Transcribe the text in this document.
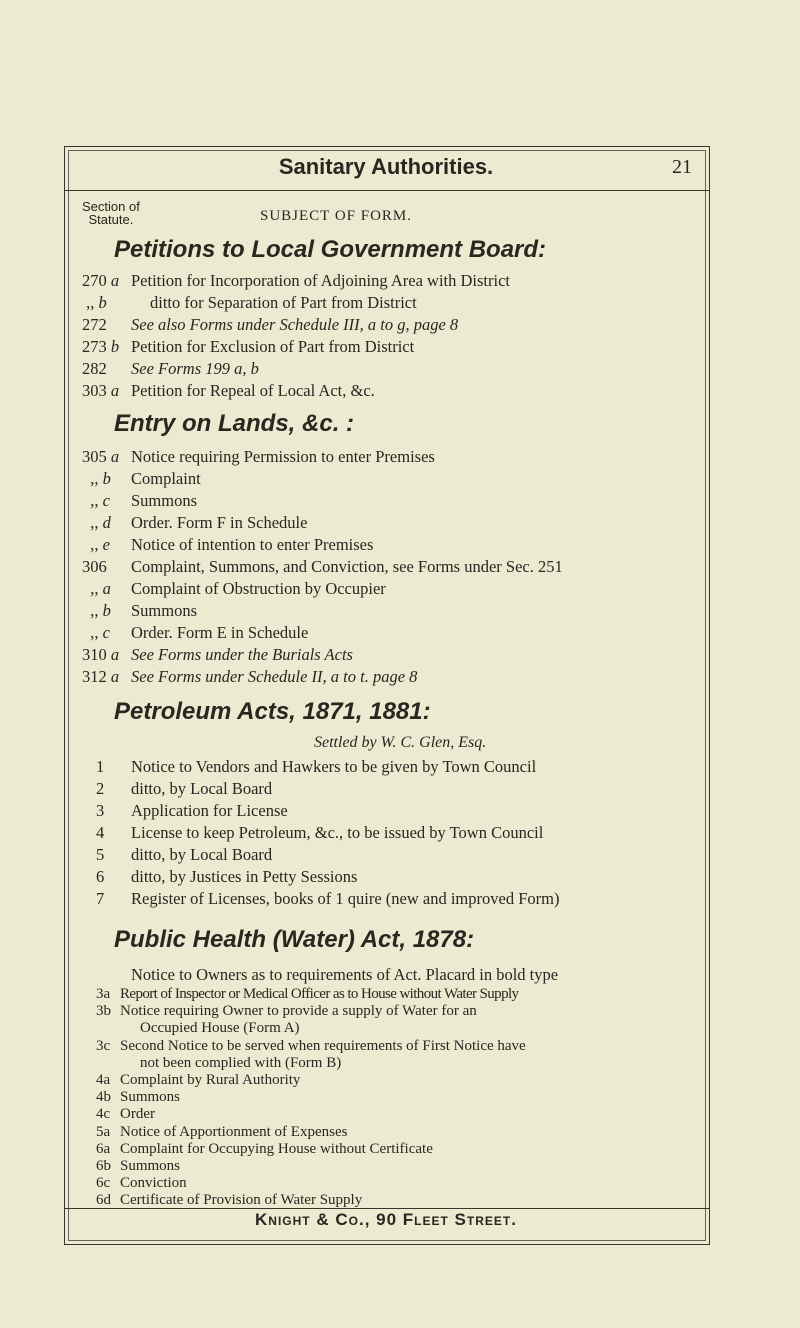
Sanitary Authorities.	21
Section of
Statute.	SUBJECT OF FORM.
Petitions to Local Government Board:
270 a Petition for Incorporation of Adjoining Area with District
,, b	ditto for Separation of Part from District
272	See also Forms under Schedule III, a to g, page 8
273 b Petition for Exclusion of Part from District
282	See Forms 199 a, b
303 a Petition for Repeal of Local Act, &c.
Entry on Lands, &c. :
305 a Notice requiring Permission to enter Premises
,, b	Complaint
,, c	Summons
,, d	Order. Form F in Schedule
,, e	Notice of intention to enter Premises
306	Complaint, Summons, and Conviction, see Forms under Sec. 251
,, a	Complaint of Obstruction by Occupier
,, b	Summons
,, c	Order. Form E in Schedule
310 a See Forms under the Burials Acts
312 a See Forms under Schedule II, a to t. page 8
Petroleum Acts, 1871, 1881:
Settled by W. C. Glen, Esq.
1	Notice to Vendors and Hawkers to be given by Town Council
2	ditto, by Local Board
3	Application for License
4	License to keep Petroleum, &c., to be issued by Town Council
5	ditto, by Local Board
6	ditto, by Justices in Petty Sessions
7	Register of Licenses, books of 1 quire (new and improved Form)
Public Health (Water) Act, 1878:
Notice to Owners as to requirements of Act. Placard in bold type
Knight & Co., 90 Fleet Street.
3a Report of Inspector or Medical Officer as to House without Water Supply
3b Notice requiring Owner to provide a supply of Water for an
Occupied House (Form A)
3c Second Notice to be served when requirements of First Notice have
not been complied with (Form B)
4a Complaint by Rural Authority
4b Summons
4c Order
5a Notice of Apportionment of Expenses
6a Complaint for Occupying House without Certificate
6b Summons
6c Conviction
6d Certificate of Provision of Water Supply
